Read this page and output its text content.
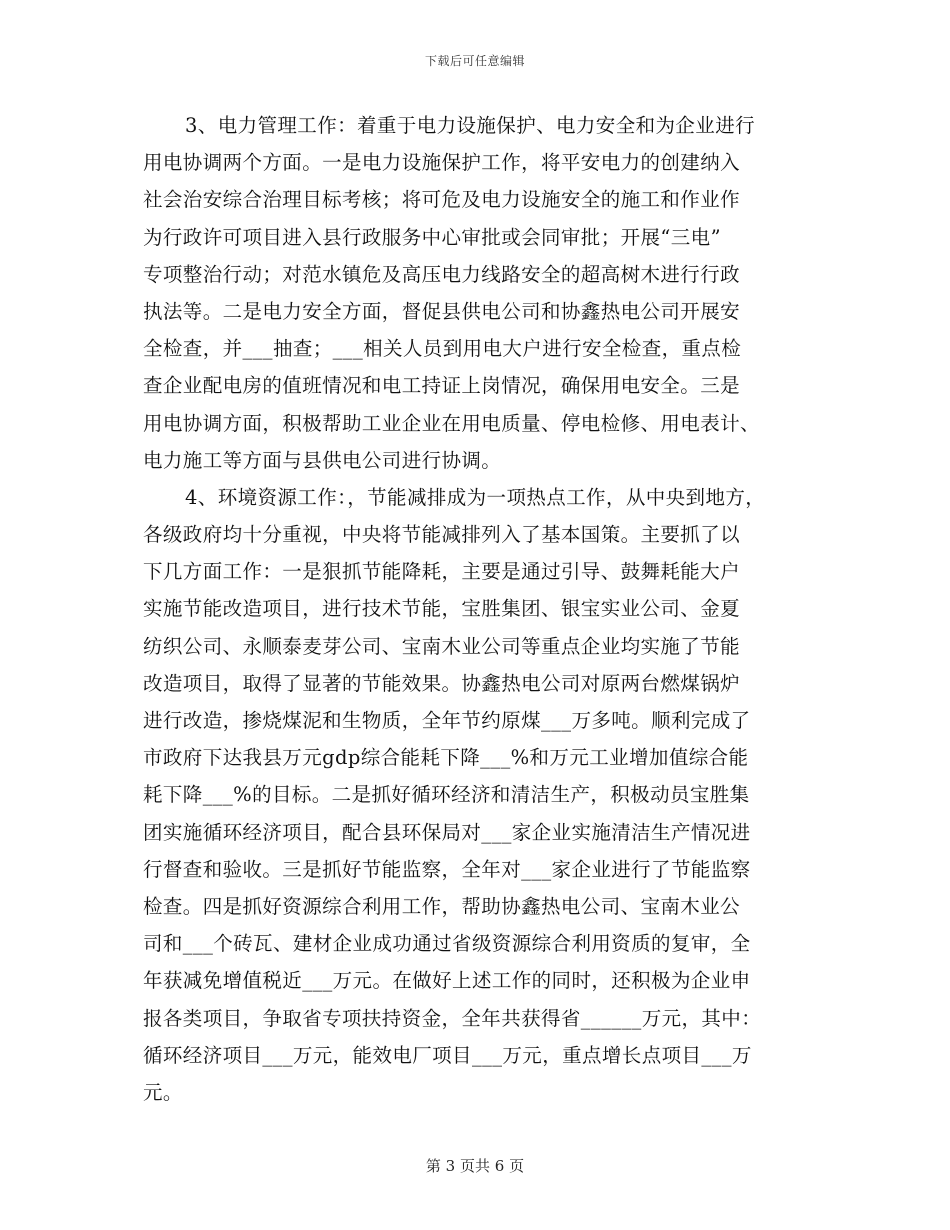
下载后可任意编辑
3、电力管理工作：着重于电力设施保护、电力安全和为企业进行
用电协调两个方面。一是电力设施保护工作，将平安电力的创建纳入
社会治安综合治理目标考核；将可危及电力设施安全的施工和作业作
为行政许可项目进入县行政服务中心审批或会同审批；开展“三电”
专项整治行动；对范水镇危及高压电力线路安全的超高树木进行行政
执法等。二是电力安全方面，督促县供电公司和协鑫热电公司开展安
全检查，并___抽查；___相关人员到用电大户进行安全检查，重点检
查企业配电房的值班情况和电工持证上岗情况，确保用电安全。三是
用电协调方面，积极帮助工业企业在用电质量、停电检修、用电表计、
电力施工等方面与县供电公司进行协调。
4、环境资源工作：，节能减排成为一项热点工作，从中央到地方，
各级政府均十分重视，中央将节能减排列入了基本国策。主要抓了以
下几方面工作：一是狠抓节能降耗，主要是通过引导、鼓舞耗能大户
实施节能改造项目，进行技术节能，宝胜集团、银宝实业公司、金夏
纺织公司、永顺泰麦芽公司、宝南木业公司等重点企业均实施了节能
改造项目，取得了显著的节能效果。协鑫热电公司对原两台燃煤锅炉
进行改造，掺烧煤泥和生物质，全年节约原煤___万多吨。顺利完成了
市政府下达我县万元gdp综合能耗下降___%和万元工业增加值综合能
耗下降___%的目标。二是抓好循环经济和清洁生产，积极动员宝胜集
团实施循环经济项目，配合县环保局对___家企业实施清洁生产情况进
行督查和验收。三是抓好节能监察，全年对___家企业进行了节能监察
检查。四是抓好资源综合利用工作，帮助协鑫热电公司、宝南木业公
司和___个砖瓦、建材企业成功通过省级资源综合利用资质的复审，全
年获减免增值税近___万元。在做好上述工作的同时，还积极为企业申
报各类项目，争取省专项扶持资金，全年共获得省______万元，其中：
循环经济项目___万元，能效电厂项目___万元，重点增长点项目___万
元。
第 3 页共 6 页
